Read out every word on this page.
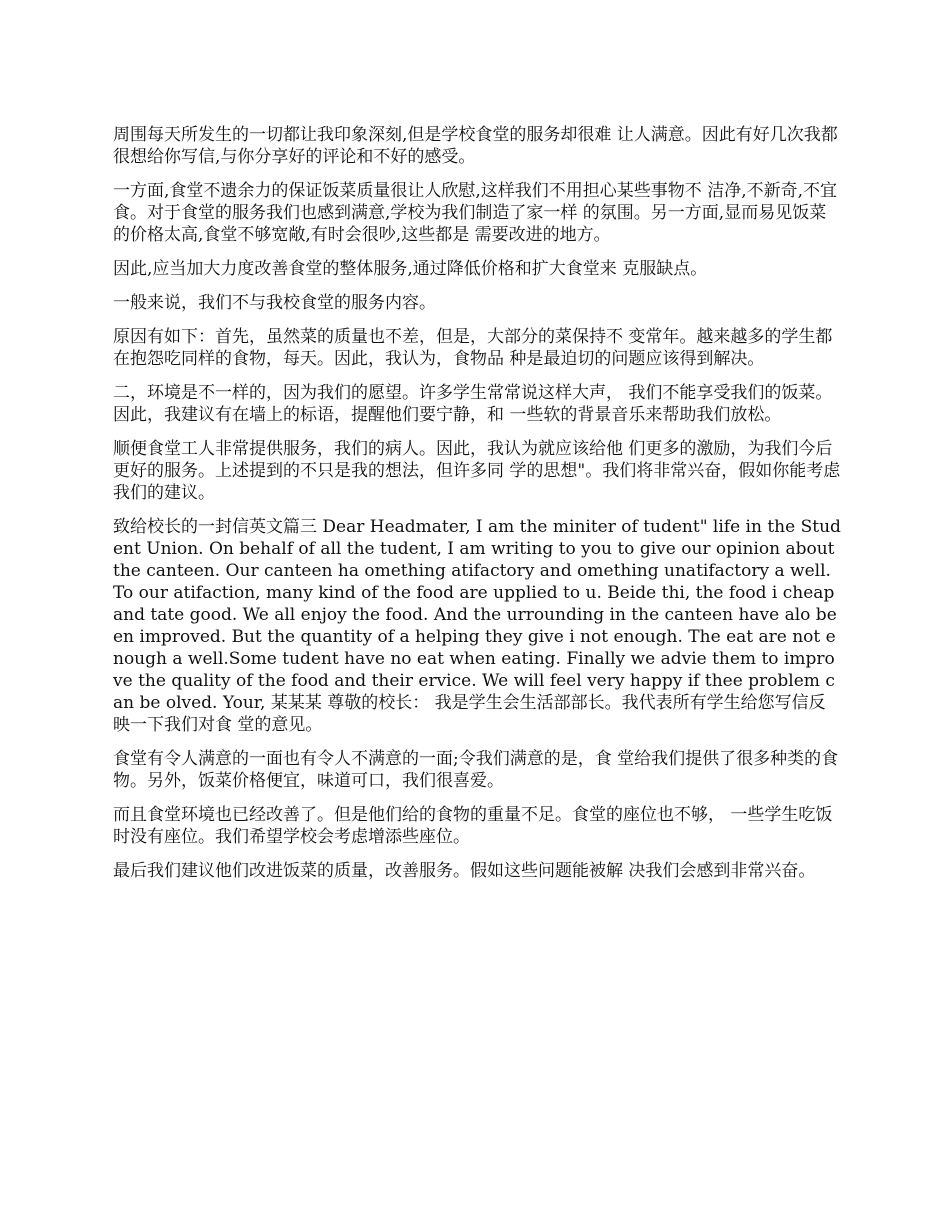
周围每天所发生的一切都让我印象深刻,但是学校食堂的服务却很难 让人满意。因此有好几次我都很想给你写信,与你分享好的评论和不好的感受。

一方面,食堂不遗余力的保证饭菜质量很让人欣慰,这样我们不用担心某些事物不 洁净,不新奇,不宜食。对于食堂的服务我们也感到满意,学校为我们制造了家一样 的氛围。另一方面,显而易见饭菜的价格太高,食堂不够宽敞,有时会很吵,这些都是 需要改进的地方。

因此,应当加大力度改善食堂的整体服务,通过降低价格和扩大食堂来 克服缺点。

一般来说，我们不与我校食堂的服务内容。

原因有如下：首先，虽然菜的质量也不差，但是，大部分的菜保持不 变常年。越来越多的学生都在抱怨吃同样的食物，每天。因此，我认为，食物品 种是最迫切的问题应该得到解决。

二，环境是不一样的，因为我们的愿望。许多学生常常说这样大声， 我们不能享受我们的饭菜。因此，我建议有在墙上的标语，提醒他们要宁静，和 一些软的背景音乐来帮助我们放松。

顺便食堂工人非常提供服务，我们的病人。因此，我认为就应该给他 们更多的激励，为我们今后更好的服务。上述提到的不只是我的想法，但许多同 学的思想"。我们将非常兴奋，假如你能考虑我们的建议。

致给校长的一封信英文篇三 Dear Headmater, I am the miniter of tudent" life in the Student Union. On behalf of all the tudent, I am writing to you to give our opinion about the canteen. Our canteen ha omething atifactory and omething unatifactory a well. To our atifaction, many kind of the food are upplied to u. Beide thi, the food i cheap and tate good. We all enjoy the food. And the urrounding in the canteen have alo been improved. But the quantity of a helping they give i not enough. The eat are not enough a well.Some tudent have no eat when eating. Finally we advie them to improve the quality of the food and their ervice. We will feel very happy if thee problem can be olved. Your, 某某某 尊敬的校长： 我是学生会生活部部长。我代表所有学生给您写信反映一下我们对食 堂的意见。

食堂有令人满意的一面也有令人不满意的一面;令我们满意的是，食 堂给我们提供了很多种类的食物。另外，饭菜价格便宜，味道可口，我们很喜爱。

而且食堂环境也已经改善了。但是他们给的食物的重量不足。食堂的座位也不够， 一些学生吃饭时没有座位。我们希望学校会考虑增添些座位。

最后我们建议他们改进饭菜的质量，改善服务。假如这些问题能被解 决我们会感到非常兴奋。
